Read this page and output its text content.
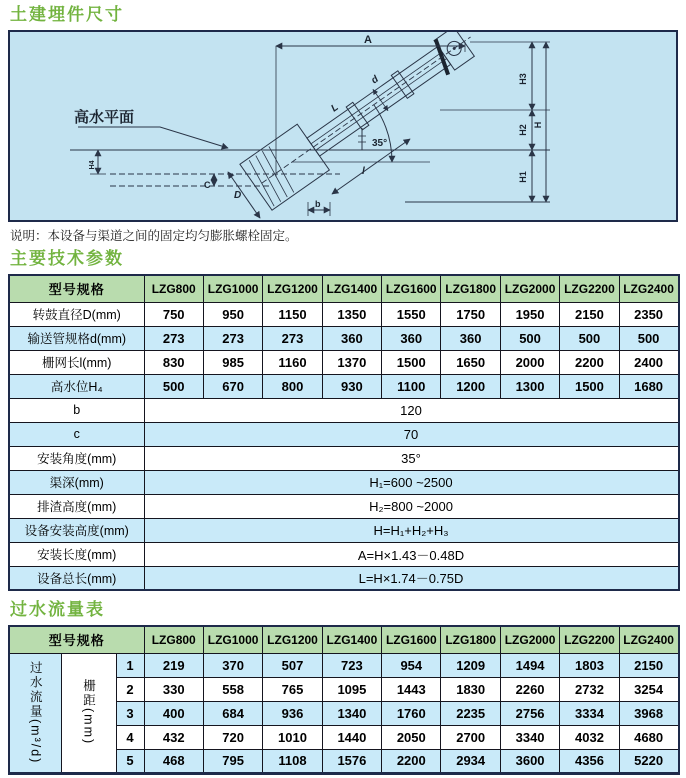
土建埋件尺寸
L
d
A
H3
H2
H1
H
高水平面
H4
C
D
b
l
35°
说明：本设备与渠道之间的固定均匀膨胀螺栓固定。
主要技术参数
型号规格	LZG800	LZG1000	LZG1200	LZG1400	LZG1600	LZG1800	LZG2000	LZG2200	LZG2400
转鼓直径D(mm)	750	950	1150	1350	1550	1750	1950	2150	2350
输送管规格d(mm)	273	273	273	360	360	360	500	500	500
栅网长l(mm)	830	985	1160	1370	1500	1650	2000	2200	2400
高水位H₄	500	670	800	930	1100	1200	1300	1500	1680
b	120								
c	70								
安装角度(mm)	35°								
渠深(mm)	H₁=600 ~2500								
排渣高度(mm)	H₂=800 ~2000								
设备安装高度(mm)	H=H₁+H₂+H₃								
安装长度(mm)	A=H×1.43－0.48D								
设备总长(mm)	L=H×1.74－0.75D								
过水流量表
型号规格			LZG800	LZG1000	LZG1200	LZG1400	LZG1600	LZG1800	LZG2000	LZG2200	LZG2400
过水流量(m³/d)	栅距(mm)	1	219	370	507	723	954	1209	1494	1803	2150
		2	330	558	765	1095	1443	1830	2260	2732	3254
		3	400	684	936	1340	1760	2235	2756	3334	3968
		4	432	720	1010	1440	2050	2700	3340	4032	4680
		5	468	795	1108	1576	2200	2934	3600	4356	5220
